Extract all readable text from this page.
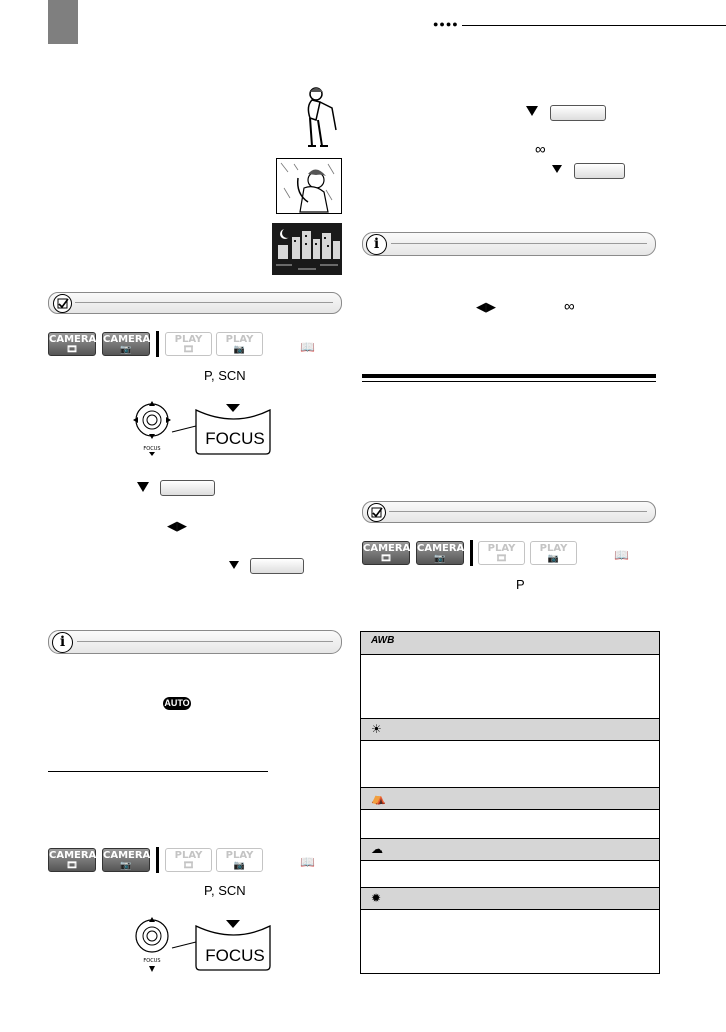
●●●●
CAMERA
🎞
CAMERA
📷
PLAY
🎞
PLAY
📷	📖
P, SCN
FOCUS
FOCUS
◀▶
i
AUTO
CAMERA
🎞
CAMERA
📷
PLAY
🎞
PLAY
📷	📖
P, SCN
FOCUS	FOCUS
∞
i
◀▶	∞
CAMERA
🎞
CAMERA
📷
PLAY
🎞
PLAY
📷	📖
P
AWB
☀
⛺
☁
✹
